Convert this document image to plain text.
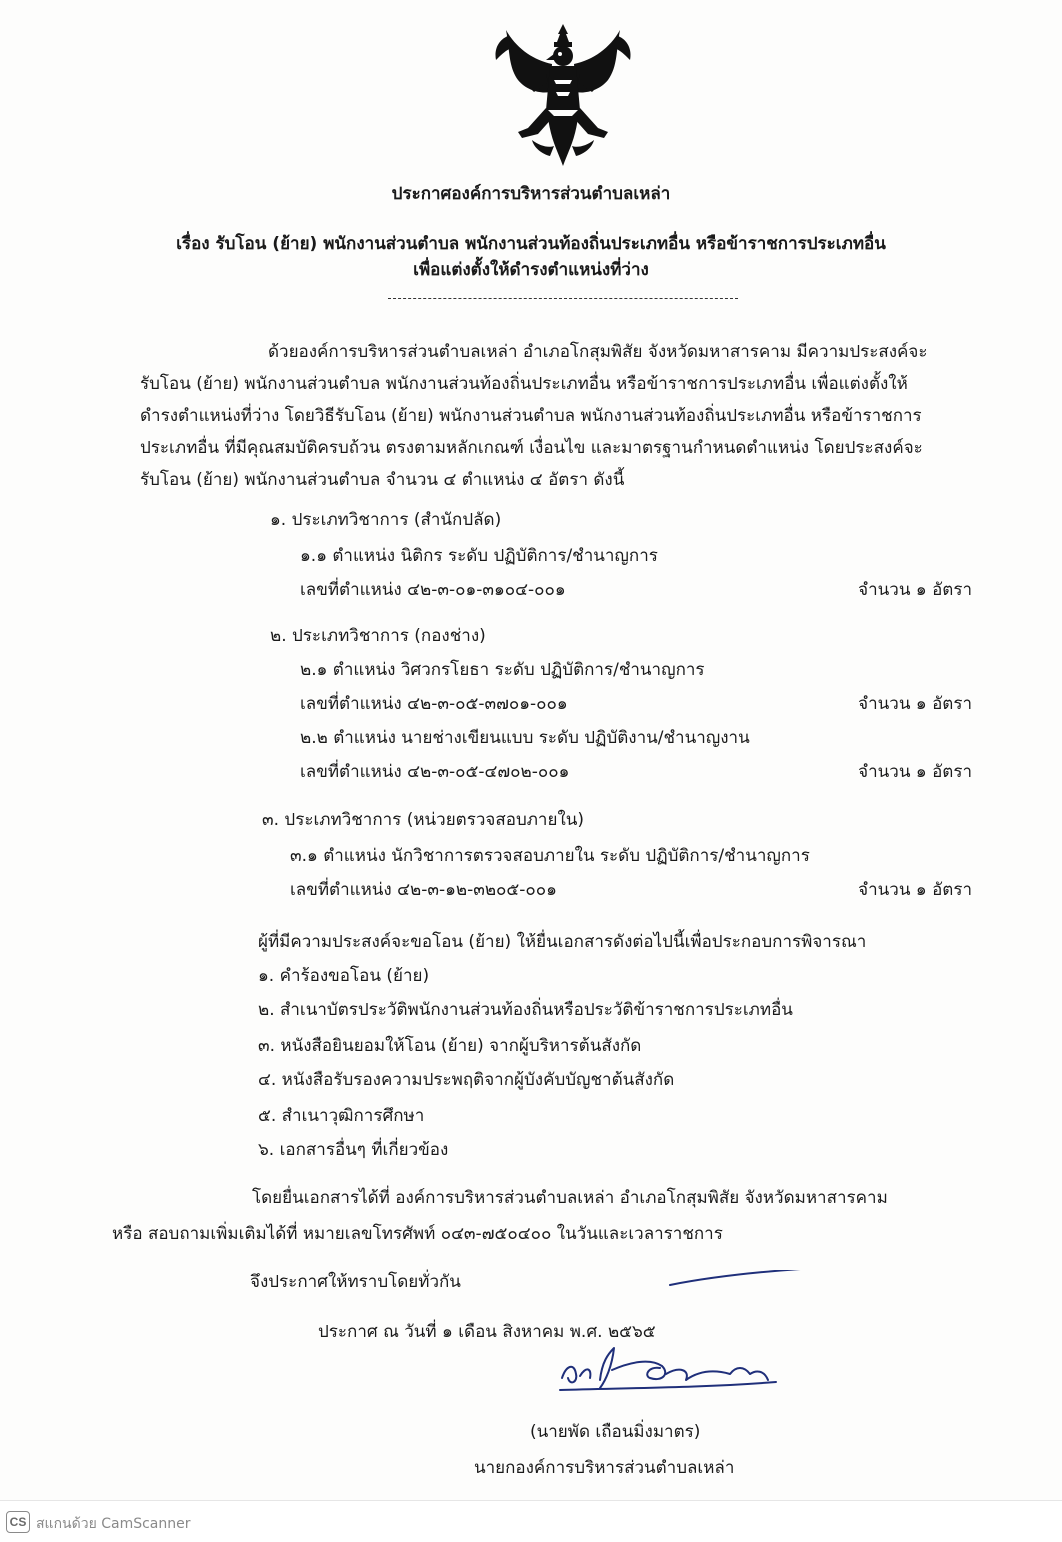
ประกาศองค์การบริหารส่วนตำบลเหล่า
เรื่อง รับโอน (ย้าย) พนักงานส่วนตำบล พนักงานส่วนท้องถิ่นประเภทอื่น หรือข้าราชการประเภทอื่น
เพื่อแต่งตั้งให้ดำรงตำแหน่งที่ว่าง
ด้วยองค์การบริหารส่วนตำบลเหล่า อำเภอโกสุมพิสัย จังหวัดมหาสารคาม มีความประสงค์จะ
รับโอน (ย้าย) พนักงานส่วนตำบล พนักงานส่วนท้องถิ่นประเภทอื่น หรือข้าราชการประเภทอื่น เพื่อแต่งตั้งให้
ดำรงตำแหน่งที่ว่าง โดยวิธีรับโอน (ย้าย) พนักงานส่วนตำบล พนักงานส่วนท้องถิ่นประเภทอื่น หรือข้าราชการ
ประเภทอื่น ที่มีคุณสมบัติครบถ้วน ตรงตามหลักเกณฑ์ เงื่อนไข และมาตรฐานกำหนดตำแหน่ง โดยประสงค์จะ
รับโอน (ย้าย) พนักงานส่วนตำบล จำนวน ๔ ตำแหน่ง ๔ อัตรา ดังนี้
๑. ประเภทวิชาการ (สำนักปลัด)
๑.๑ ตำแหน่ง นิติกร ระดับ ปฏิบัติการ/ชำนาญการ
เลขที่ตำแหน่ง ๔๒-๓-๐๑-๓๑๐๔-๐๐๑	จำนวน ๑ อัตรา
๒. ประเภทวิชาการ (กองช่าง)
๒.๑ ตำแหน่ง วิศวกรโยธา ระดับ ปฏิบัติการ/ชำนาญการ
เลขที่ตำแหน่ง ๔๒-๓-๐๕-๓๗๐๑-๐๐๑	จำนวน ๑ อัตรา
๒.๒ ตำแหน่ง นายช่างเขียนแบบ ระดับ ปฏิบัติงาน/ชำนาญงาน
เลขที่ตำแหน่ง ๔๒-๓-๐๕-๔๗๐๒-๐๐๑	จำนวน ๑ อัตรา
๓. ประเภทวิชาการ (หน่วยตรวจสอบภายใน)
๓.๑ ตำแหน่ง นักวิชาการตรวจสอบภายใน ระดับ ปฏิบัติการ/ชำนาญการ
เลขที่ตำแหน่ง ๔๒-๓-๑๒-๓๒๐๕-๐๐๑	จำนวน ๑ อัตรา
ผู้ที่มีความประสงค์จะขอโอน (ย้าย) ให้ยื่นเอกสารดังต่อไปนี้เพื่อประกอบการพิจารณา
๑. คำร้องขอโอน (ย้าย)
๒. สำเนาบัตรประวัติพนักงานส่วนท้องถิ่นหรือประวัติข้าราชการประเภทอื่น
๓. หนังสือยินยอมให้โอน (ย้าย) จากผู้บริหารต้นสังกัด
๔. หนังสือรับรองความประพฤติจากผู้บังคับบัญชาต้นสังกัด
๕. สำเนาวุฒิการศึกษา
๖. เอกสารอื่นๆ ที่เกี่ยวข้อง
โดยยื่นเอกสารได้ที่ องค์การบริหารส่วนตำบลเหล่า อำเภอโกสุมพิสัย จังหวัดมหาสารคาม
หรือ สอบถามเพิ่มเติมได้ที่ หมายเลขโทรศัพท์ ๐๔๓-๗๕๐๔๐๐ ในวันและเวลาราชการ
จึงประกาศให้ทราบโดยทั่วกัน
ประกาศ ณ วันที่ ๑ เดือน สิงหาคม พ.ศ. ๒๕๖๕
(นายพัด เถือนมิ่งมาตร)
นายกองค์การบริหารส่วนตำบลเหล่า
CS สแกนด้วย CamScanner
